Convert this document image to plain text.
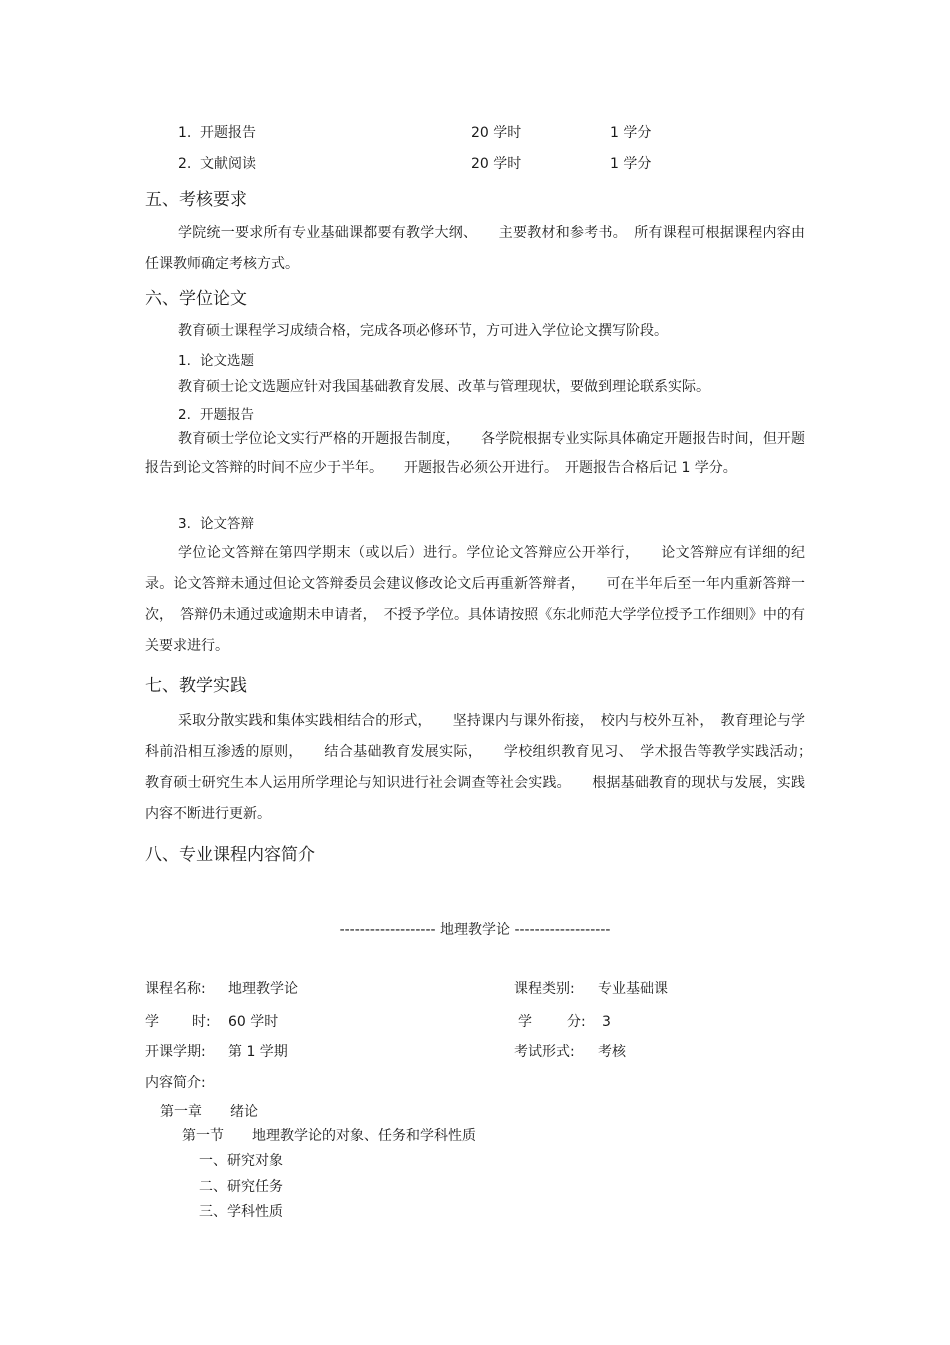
1. 开题报告	20 学时	1 学分
2. 文献阅读	20 学时	1 学分
五、考核要求

学院统一要求所有专业基础课都要有教学大纲、　　主要教材和参考书。　所有课程可根据课程内容由任课教师确定考核方式。

六、学位论文
教育硕士课程学习成绩合格，完成各项必修环节，方可进入学位论文撰写阶段。
1. 论文选题
教育硕士论文选题应针对我国基础教育发展、改革与管理现状，要做到理论联系实际。
2. 开题报告

教育硕士学位论文实行严格的开题报告制度，　　各学院根据专业实际具体确定开题报告时间，但开题报告到论文答辩的时间不应少于半年。　　开题报告必须公开进行。　开题报告合格后记 1 学分。

3. 论文答辩

学位论文答辩在第四学期末（或以后）进行。学位论文答辩应公开举行，　　论文答辩应有详细的纪录。论文答辩未通过但论文答辩委员会建议修改论文后再重新答辩者，　　可在半年后至一年内重新答辩一次，　答辩仍未通过或逾期未申请者，　不授予学位。具体请按照《东北师范大学学位授予工作细则》中的有关要求进行。

七、教学实践

采取分散实践和集体实践相结合的形式，　　坚持课内与课外衔接，　校内与校外互补，　教育理论与学科前沿相互渗透的原则，　　结合基础教育发展实际，　　学校组织教育见习、　学术报告等教学实践活动；　教育硕士研究生本人运用所学理论与知识进行社会调查等社会实践。　　根据基础教育的现状与发展，实践内容不断进行更新。

八、专业课程内容简介
------------------- 地理教学论 -------------------
课程名称: 地理教学论	课程类别: 专业基础课
学 时: 60 学时	学	分: 3
开课学期: 第 1 学期	考试形式: 考核
内容简介:
第一章　　绪论
第一节　　地理教学论的对象、任务和学科性质
一、研究对象
二、研究任务
三、学科性质
